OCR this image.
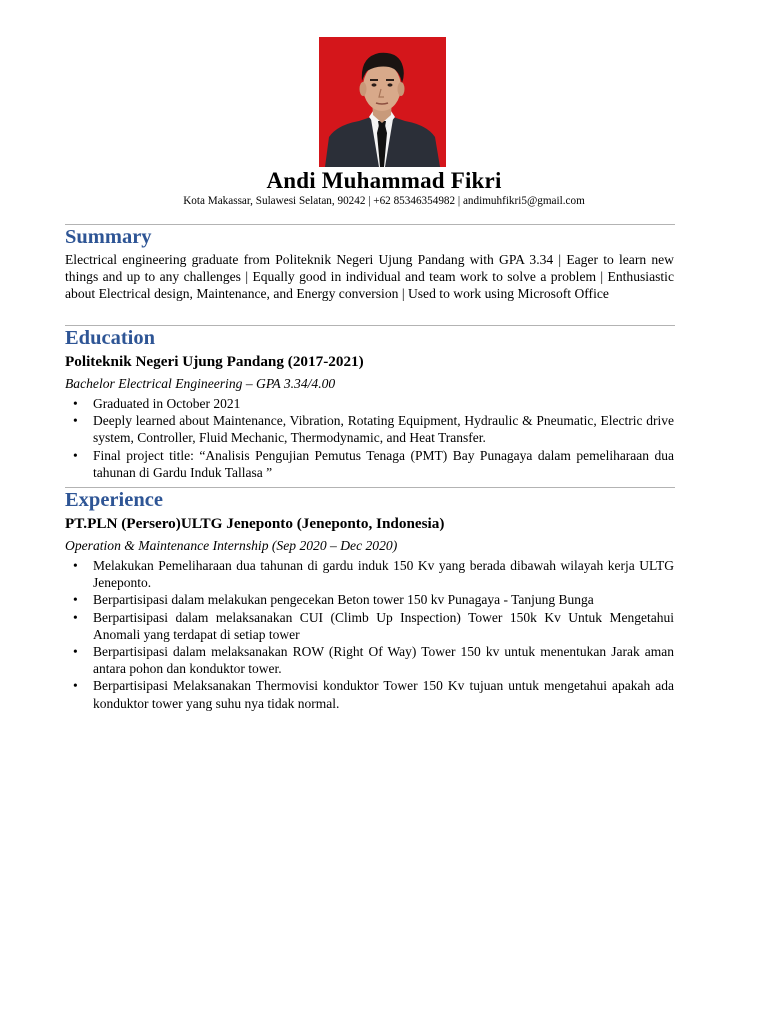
Andi Muhammad Fikri
Kota Makassar, Sulawesi Selatan, 90242 | +62 85346354982 | andimuhfikri5@gmail.com
Summary
Electrical engineering graduate from Politeknik Negeri Ujung Pandang with GPA 3.34 | Eager to learn new things and up to any challenges | Equally good in individual and team work to solve a problem | Enthusiastic about Electrical design, Maintenance, and Energy conversion | Used to work using Microsoft Office
Education
Politeknik Negeri Ujung Pandang (2017-2021)
Bachelor Electrical Engineering – GPA 3.34/4.00
• Graduated in October 2021
• Deeply learned about Maintenance, Vibration, Rotating Equipment, Hydraulic & Pneumatic, Electric drive system, Controller, Fluid Mechanic, Thermodynamic, and Heat Transfer.
• Final project title: “Analisis Pengujian Pemutus Tenaga (PMT) Bay Punagaya dalam pemeliharaan dua tahunan di Gardu Induk Tallasa ”
Experience
PT.PLN (Persero)ULTG Jeneponto (Jeneponto, Indonesia)
Operation & Maintenance Internship (Sep 2020 – Dec 2020)
• Melakukan Pemeliharaan dua tahunan di gardu induk 150 Kv yang berada dibawah wilayah kerja ULTG Jeneponto.
• Berpartisipasi dalam melakukan pengecekan Beton tower 150 kv Punagaya - Tanjung Bunga
• Berpartisipasi dalam melaksanakan CUI (Climb Up Inspection) Tower 150k Kv Untuk Mengetahui Anomali yang terdapat di setiap tower
• Berpartisipasi dalam melaksanakan ROW (Right Of Way) Tower 150 kv untuk menentukan Jarak aman antara pohon dan konduktor tower.
• Berpartisipasi Melaksanakan Thermovisi konduktor Tower 150 Kv tujuan untuk mengetahui apakah ada konduktor tower yang suhu nya tidak normal.
